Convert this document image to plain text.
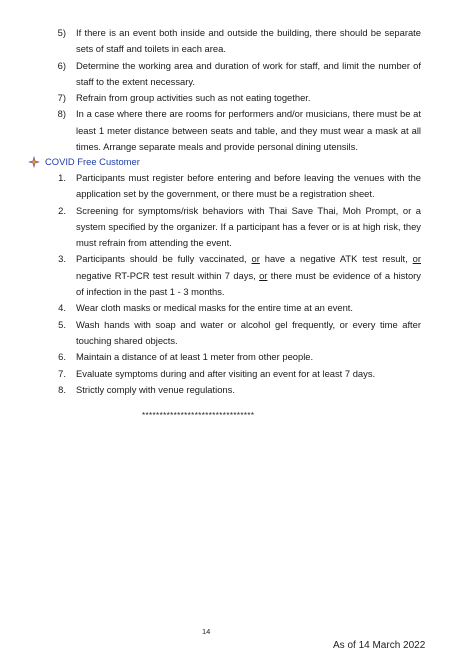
5) If there is an event both inside and outside the building, there should be separate sets of staff and toilets in each area.
6) Determine the working area and duration of work for staff, and limit the number of staff to the extent necessary.
7) Refrain from group activities such as not eating together.
8) In a case where there are rooms for performers and/or musicians, there must be at least 1 meter distance between seats and table, and they must wear a mask at all times. Arrange separate meals and provide personal dining utensils.
COVID Free Customer
1. Participants must register before entering and before leaving the venues with the application set by the government, or there must be a registration sheet.
2. Screening for symptoms/risk behaviors with Thai Save Thai, Moh Prompt, or a system specified by the organizer. If a participant has a fever or is at high risk, they must refrain from attending the event.
3. Participants should be fully vaccinated, or have a negative ATK test result, or negative RT-PCR test result within 7 days, or there must be evidence of a history of infection in the past 1 - 3 months.
4. Wear cloth masks or medical masks for the entire time at an event.
5. Wash hands with soap and water or alcohol gel frequently, or every time after touching shared objects.
6. Maintain a distance of at least 1 meter from other people.
7. Evaluate symptoms during and after visiting an event for at least 7 days.
8. Strictly comply with venue regulations.
********************************
14
As of 14 March 2022
